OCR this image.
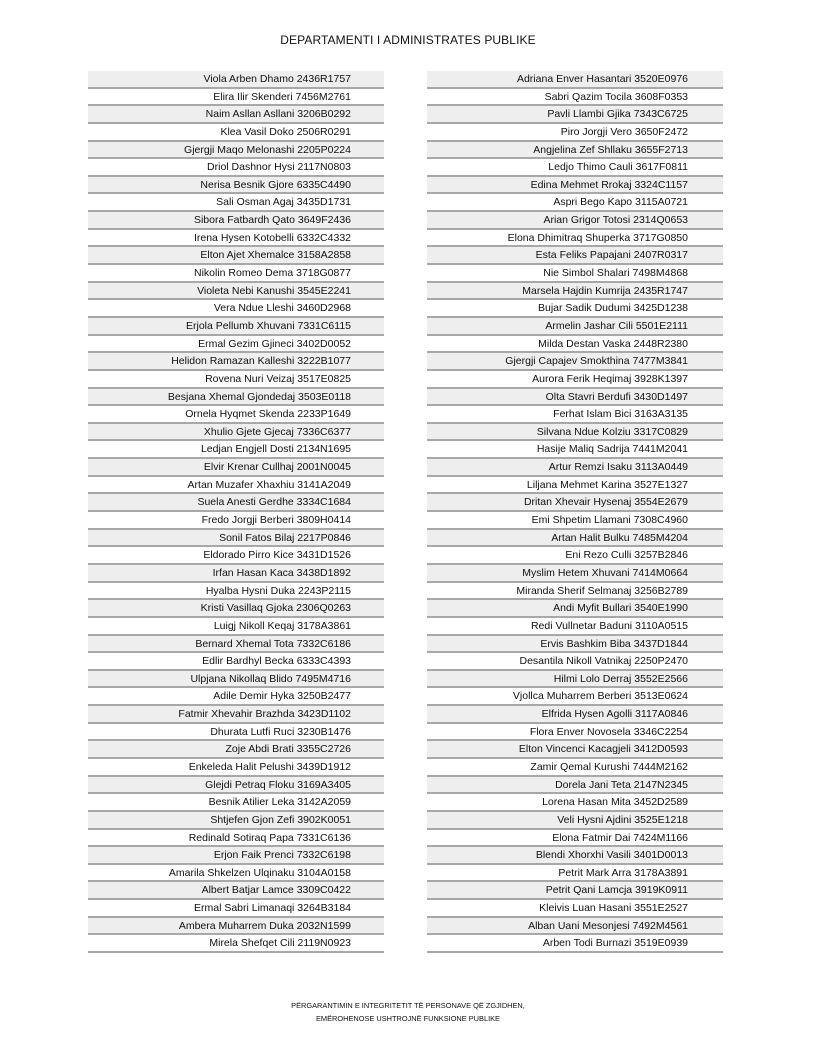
DEPARTAMENTI I ADMINISTRATES PUBLIKE
Viola Arben Dhamo 2436R1757
Elira Ilir Skenderi 7456M2761
Naim Asllan Asllani 3206B0292
Klea Vasil Doko 2506R0291
Gjergji Maqo Melonashi 2205P0224
Driol Dashnor Hysi 2117N0803
Nerisa Besnik Gjore 6335C4490
Sali Osman Agaj 3435D1731
Sibora Fatbardh Qato 3649F2436
Irena Hysen Kotobelli 6332C4332
Elton Ajet Xhemalce 3158A2858
Nikolin Romeo Dema 3718G0877
Violeta Nebi Kanushi 3545E2241
Vera Ndue Lleshi 3460D2968
Erjola Pellumb Xhuvani 7331C6115
Ermal Gezim Gjineci 3402D0052
Helidon Ramazan Kalleshi 3222B1077
Rovena Nuri Veizaj 3517E0825
Besjana Xhemal Gjondedaj 3503E0118
Ornela Hyqmet Skenda 2233P1649
Xhulio Gjete Gjecaj 7336C6377
Ledjan Engjell Dosti 2134N1695
Elvir Krenar Cullhaj 2001N0045
Artan Muzafer Xhaxhiu 3141A2049
Suela Anesti Gerdhe 3334C1684
Fredo Jorgji Berberi 3809H0414
Sonil Fatos Bilaj 2217P0846
Eldorado Pirro Kice 3431D1526
Irfan Hasan Kaca 3438D1892
Hyalba Hysni Duka 2243P2115
Kristi Vasillaq Gjoka 2306Q0263
Luigj Nikoll Keqaj 3178A3861
Bernard Xhemal Tota 7332C6186
Edlir Bardhyl Becka 6333C4393
Ulpjana Nikollaq Blido 7495M4716
Adile Demir Hyka 3250B2477
Fatmir Xhevahir Brazhda 3423D1102
Dhurata Lutfi Ruci 3230B1476
Zoje Abdi Brati 3355C2726
Enkeleda Halit Pelushi 3439D1912
Glejdi Petraq Floku 3169A3405
Besnik Atilier Leka 3142A2059
Shtjefen Gjon Zefi 3902K0051
Redinald Sotiraq Papa 7331C6136
Erjon Faik Prenci 7332C6198
Amarila Shkelzen Ulqinaku 3104A0158
Albert Batjar Lamce 3309C0422
Ermal Sabri Limanaqi 3264B3184
Ambera Muharrem Duka 2032N1599
Mirela Shefqet Cili 2119N0923
Adriana Enver Hasantari 3520E0976
Sabri Qazim Tocila 3608F0353
Pavli Llambi Gjika 7343C6725
Piro Jorgji Vero 3650F2472
Angjelina Zef Shllaku 3655F2713
Ledjo Thimo Cauli 3617F0811
Edina Mehmet Rrokaj 3324C1157
Aspri Bego Kapo 3115A0721
Arian Grigor Totosi 2314Q0653
Elona Dhimitraq Shuperka 3717G0850
Esta Feliks Papajani 2407R0317
Nie Simbol Shalari 7498M4868
Marsela Hajdin Kumrija 2435R1747
Bujar Sadik Dudumi 3425D1238
Armelin Jashar Cili 5501E2111
Milda Destan Vaska 2448R2380
Gjergji Capajev Smokthina 7477M3841
Aurora Ferik Heqimaj 3928K1397
Olta Stavri Berdufi 3430D1497
Ferhat Islam Bici 3163A3135
Silvana Ndue Kolziu 3317C0829
Hasije Maliq Sadrija 7441M2041
Artur Remzi Isaku 3113A0449
Liljana Mehmet Karina 3527E1327
Dritan Xhevair Hysenaj 3554E2679
Emi Shpetim Llamani 7308C4960
Artan Halit Bulku 7485M4204
Eni Rezo Culli 3257B2846
Myslim Hetem Xhuvani 7414M0664
Miranda Sherif Selmanaj 3256B2789
Andi Myfit Bullari 3540E1990
Redi Vullnetar Baduni 3110A0515
Ervis Bashkim Biba 3437D1844
Desantila Nikoll Vatnikaj 2250P2470
Hilmi Lolo Derraj 3552E2566
Vjollca Muharrem Berberi 3513E0624
Elfrida Hysen Agolli 3117A0846
Flora Enver Novosela 3346C2254
Elton Vincenci Kacagjeli 3412D0593
Zamir Qemal Kurushi 7444M2162
Dorela Jani Teta 2147N2345
Lorena Hasan Mita 3452D2589
Veli Hysni Ajdini 3525E1218
Elona Fatmir Dai 7424M1166
Blendi Xhorxhi Vasili 3401D0013
Petrit Mark Arra 3178A3891
Petrit Qani Lamcja 3919K0911
Kleivis Luan Hasani 3551E2527
Alban Uani Mesonjesi 7492M4561
Arben Todi Burnazi 3519E0939
PËRGARANTIMIN E INTEGRITETIT TË PERSONAVE QË ZGJIDHEN,
EMËROHENOSE USHTROJNË FUNKSIONE PUBLIKE
